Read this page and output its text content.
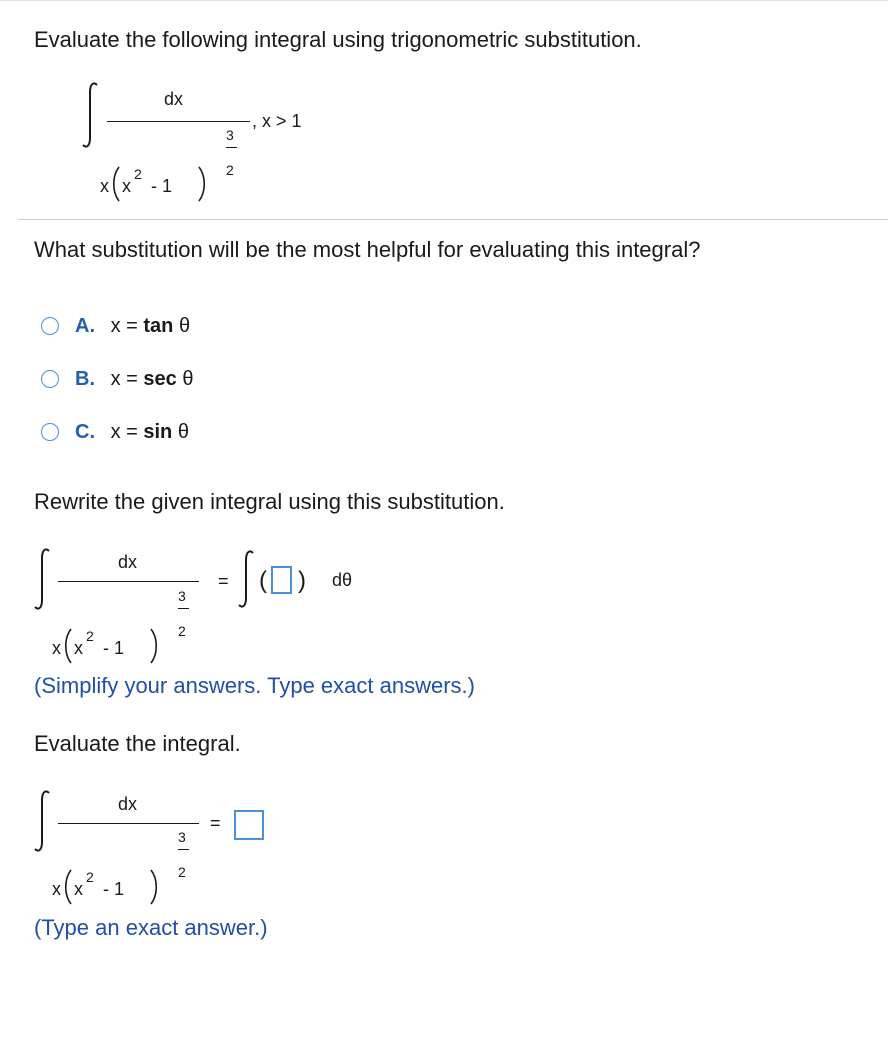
Evaluate the following integral using trigonometric substitution.
dx
, x > 1
3
2
x x
2
- 1
What substitution will be the most helpful for evaluating this integral?
A. x = tan θ
B. x = sec θ
C. x = sin θ
Rewrite the given integral using this substitution.
dx
3
2
x x
2
- 1
= ( ) dθ
(Simplify your answers. Type exact answers.)
Evaluate the integral.
dx
3
2
x x
2
- 1
=
(Type an exact answer.)
